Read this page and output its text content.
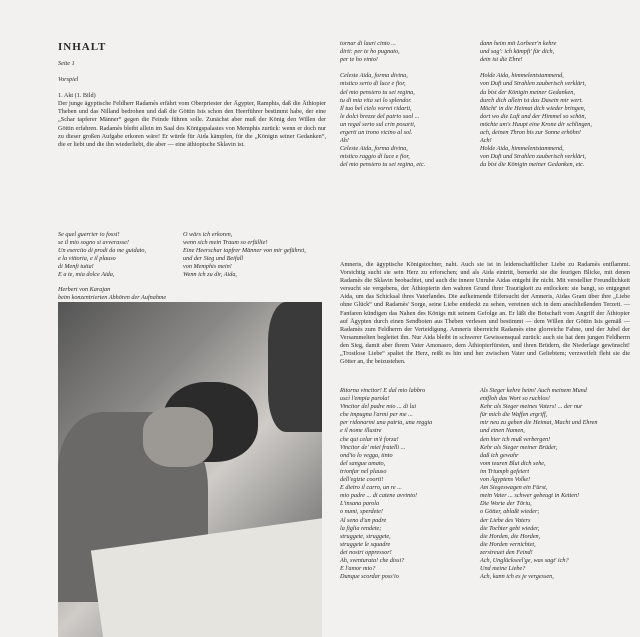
INHALT

Seite 1

Vorspiel

1. Akt (1. Bild)

Der junge ägyptische Feldherr Radamès erfährt vom Oberpriester der Ägypter, Ramphis, daß die Äthiopier Theben und das Nilland bedrohen und daß die Göttin Isis schon den Heerführer bestimmt habe, der eine „Schar tapferer Männer“ gegen die Feinde führen solle. Zunächst aber muß der König den Willen der Göttin erfahren. Radamès bleibt allein im Saal des Königspalastes von Memphis zurück: wenn er doch nur zu dieser großen Aufgabe erkoren wäre! Er würde für Aida kämpfen, für die „Königin seiner Gedanken“, die er liebt und die ihn wiederliebt, die aber — eine äthiopische Sklavin ist.

Se quel guerrier io fossi!
se il mio sogno si avverasse!
Un esercito di prodi da me guidato,
e la vittoria, e il plauso
di Menfi tutta!
E a te, mia dolce Aida,
O wärs ich erkoren,
wenn sich mein Traum so erfüllte!
Eine Heerschar tapfrer Männer von mir geführet,
und der Sieg und Beifall
von Memphis mein!
Wenn ich zu dir, Aida,
Herbert von Karajan
beim konzentrierten Abhören der Aufnahme
tornar di lauri cinto ...
dirti: per te ho pugnato,
per te ho vinto!

Celeste Aida, forma divina,
mistico serto di luce e fior,
del mio pensiero tu sei regina,
tu di mia vita sei lo splendor.
Il tuo bel cielo vorrei ridarti,
le dolci brezze del patrio suol ...
un regal serto sul crin posarti,
ergerti un trono vicino al sol.
Ah!
Celeste Aida, forma divina,
mistico raggio di luce e fior,
del mio pensiero tu sei regina, etc.
dann heim mit Lorbeer'n kehre
und sag': ich kämpft' für dich,
dein ist die Ehre!

Holde Aida, himmelentstammend,
von Duft und Strahlen zauberisch verklärt,
du bist der Königin meiner Gedanken,
durch dich allein ist das Dasein mir wert.
Möcht' in die Heimat dich wieder bringen,
dort wo die Luft und der Himmel so schön,
möchte um's Haupt eine Krone dir schlingen,
ach, deinen Thron bis zur Sonne erhöhn!
Ach!
Holde Aida, himmelentstammend,
von Duft und Strahlen zauberisch verklärt,
du bist die Königin meiner Gedanken, etc.

Amneris, die ägyptische Königstochter, naht. Auch sie ist in leidenschaftlicher Liebe zu Radamès entflammt. Vorsichtig sucht sie sein Herz zu erforschen; und als Aida eintritt, bemerkt sie die feurigen Blicke, mit denen Radamès die Sklavin beobachtet, und auch die innere Unruhe Aidas entgeht ihr nicht. Mit verstellter Freundlichkeit versucht sie vergebens, der Äthiopierin den wahren Grund ihrer Traurigkeit zu entlocken: sie bangt, so entgegnet Aida, um das Schicksal ihres Vaterlandes. Die aufkeimende Eifersucht der Amneris, Aidas Gram über ihre „Liebe ohne Glück“ und Radamès' Sorge, seine Liebe entdeckt zu sehen, vereinen sich in dem anschließenden Terzett. — Fanfaren kündigen das Nahen des Königs mit seinem Gefolge an. Er läßt die Botschaft vom Angriff der Äthiopier auf Ägypten durch einen Sendboten aus Theben verlesen und bestimmt — dem Willen der Göttin Isis gemäß — Radamès zum Feldherrn der Verteidigung. Amneris überreicht Radamès eine glorreiche Fahne, und der Jubel der Versammelten begleitet ihn. Nur Aida bleibt in schwerer Gewissensqual zurück: auch sie hat dem jungen Feldherrn den Sieg, damit aber ihrem Vater Amonasro, dem Äthiopierfürsten, und ihren Brüdern, die Niederlage gewünscht! „Trostlose Liebe“ spaltet ihr Herz, reißt es hin und her zwischen Vater und Geliebtem; verzweifelt fleht sie die Götter an, ihr beizustehen.

Ritorna vincitor! E dal mio labbro
uscì l'empia parola!
Vincitor del padre mio ... di lui
che impugna l'armi per me ...
per ridonarmi una patria, una reggia
e il nome illustre
che qui celar m'è forza!
Vincitor de' miei fratelli ...
ond'io lo vegga, tinto
del sangue amato,
trionfar nel plauso
dell'egizie coorti!
E dietro il carro, un re ...
mio padre ... di catene avvinto!
L'insana parola
o numi, sperdete!
Al seno d'un padre
la figlia rendete;
struggete, struggete,
struggete le squadre
dei nostri oppressor!
Ah, sventurata! che dissi?
E l'amor mio?
Dunque scordar poss'io
Als Sieger kehre heim! Auch meinem Mund
entfloh das Wort so ruchlos!
Kehr als Sieger meines Vaters! ... der nur
für mich die Waffen ergriff,
mir neu zu geben die Heimat, Macht und Ehren
und einen Namen,
den hier ich muß verbergen!
Kehr als Sieger meiner Brüder,
daß ich gewahr
vom teuren Blut dich sehe,
im Triumph gefeiert
von Ägyptens Volke!
Am Siegeswagen ein Fürst,
mein Vater ... schwer gebeugt in Ketten!
Die Worte der Töriu,
o Götter, ablaßt wieder;
der Liebe des Vaters
die Tochter gebt wieder,
die Horden, die Horden,
die Horden vernichtet,
zerstreuet den Feind!
Ach, Unglückseel'ge, was sagt' ich?
Und meine Liebe?
Ach, kann ich es je vergessen,
